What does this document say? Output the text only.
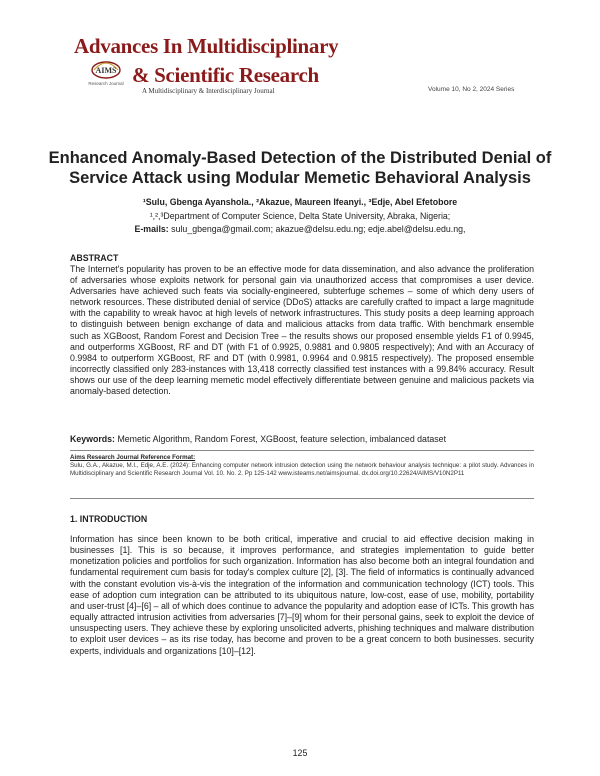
Advances In Multidisciplinary
AIMS
Research Journal & Scientific Research
A Multidisciplinary & Interdisciplinary Journal	Volume 10, No 2, 2024 Series
Enhanced Anomaly-Based Detection of the Distributed Denial of Service Attack using Modular Memetic Behavioral Analysis
¹Sulu, Gbenga Ayanshola., ²Akazue, Maureen Ifeanyi., ³Edje, Abel Efetobore
¹,²,³Department of Computer Science, Delta State University, Abraka, Nigeria;
E-mails: sulu_gbenga@gmail.com; akazue@delsu.edu.ng; edje.abel@delsu.edu.ng,
ABSTRACT
The Internet's popularity has proven to be an effective mode for data dissemination, and also advance the proliferation of adversaries whose exploits network for personal gain via unauthorized access that compromises a user device. Adversaries have achieved such feats via socially-engineered, subterfuge schemes – some of which deny users of network resources. These distributed denial of service (DDoS) attacks are carefully crafted to impact a large magnitude with the capability to wreak havoc at high levels of network infrastructures. This study posits a deep learning approach to distinguish between benign exchange of data and malicious attacks from data traffic. With benchmark ensemble such as XGBoost, Random Forest and Decision Tree – the results shows our proposed ensemble yields F1 of 0.9945, and outperforms XGBoost, RF and DT (with F1 of 0.9925, 0.9881 and 0.9805 respectively); And with an Accuracy of 0.9984 to outperform XGBoost, RF and DT (with 0.9981, 0.9964 and 0.9815 respectively). The proposed ensemble incorrectly classified only 283-instances with 13,418 correctly classified test instances with a 99.84% accuracy. Result shows our use of the deep learning memetic model effectively differentiate between genuine and malicious packets via anomaly-based detection.
Keywords: Memetic Algorithm, Random Forest, XGBoost, feature selection, imbalanced dataset
Aims Research Journal Reference Format:
Sulu, G.A., Akazue, M.I., Edje, A.E. (2024): Enhancing computer network intrusion detection using the network behaviour analysis technique: a pilot study. Advances in Multidisciplinary and Scientific Research Journal Vol. 10. No. 2. Pp 125-142 www.isteams.net/aimsjournal. dx.doi.org/10.22624/AIMS/V10N2P11
1. INTRODUCTION
Information has since been known to be both critical, imperative and crucial to aid effective decision making in businesses [1]. This is so because, it improves performance, and strategies implementation to guide better monetization policies and portfolios for such organization. Information has also become both an integral foundation and fundamental requirement cum basis for today's complex culture [2], [3]. The field of informatics is continually advanced with the constant evolution vis-à-vis the integration of the information and communication technology (ICT) tools. This ease of adoption cum integration can be attributed to its ubiquitous nature, low-cost, ease of use, mobility, portability and user-trust [4]–[6] – all of which does continue to advance the popularity and adoption ease of ICTs. This growth has equally attracted intrusion activities from adversaries [7]–[9] whom for their personal gains, seek to exploit the device of unsuspecting users. They achieve these by exploring unsolicited adverts, phishing techniques and malware distribution to exploit user devices – as its rise today, has become and proven to be a great concern to both businesses. security experts, individuals and organizations [10]–[12].
125
